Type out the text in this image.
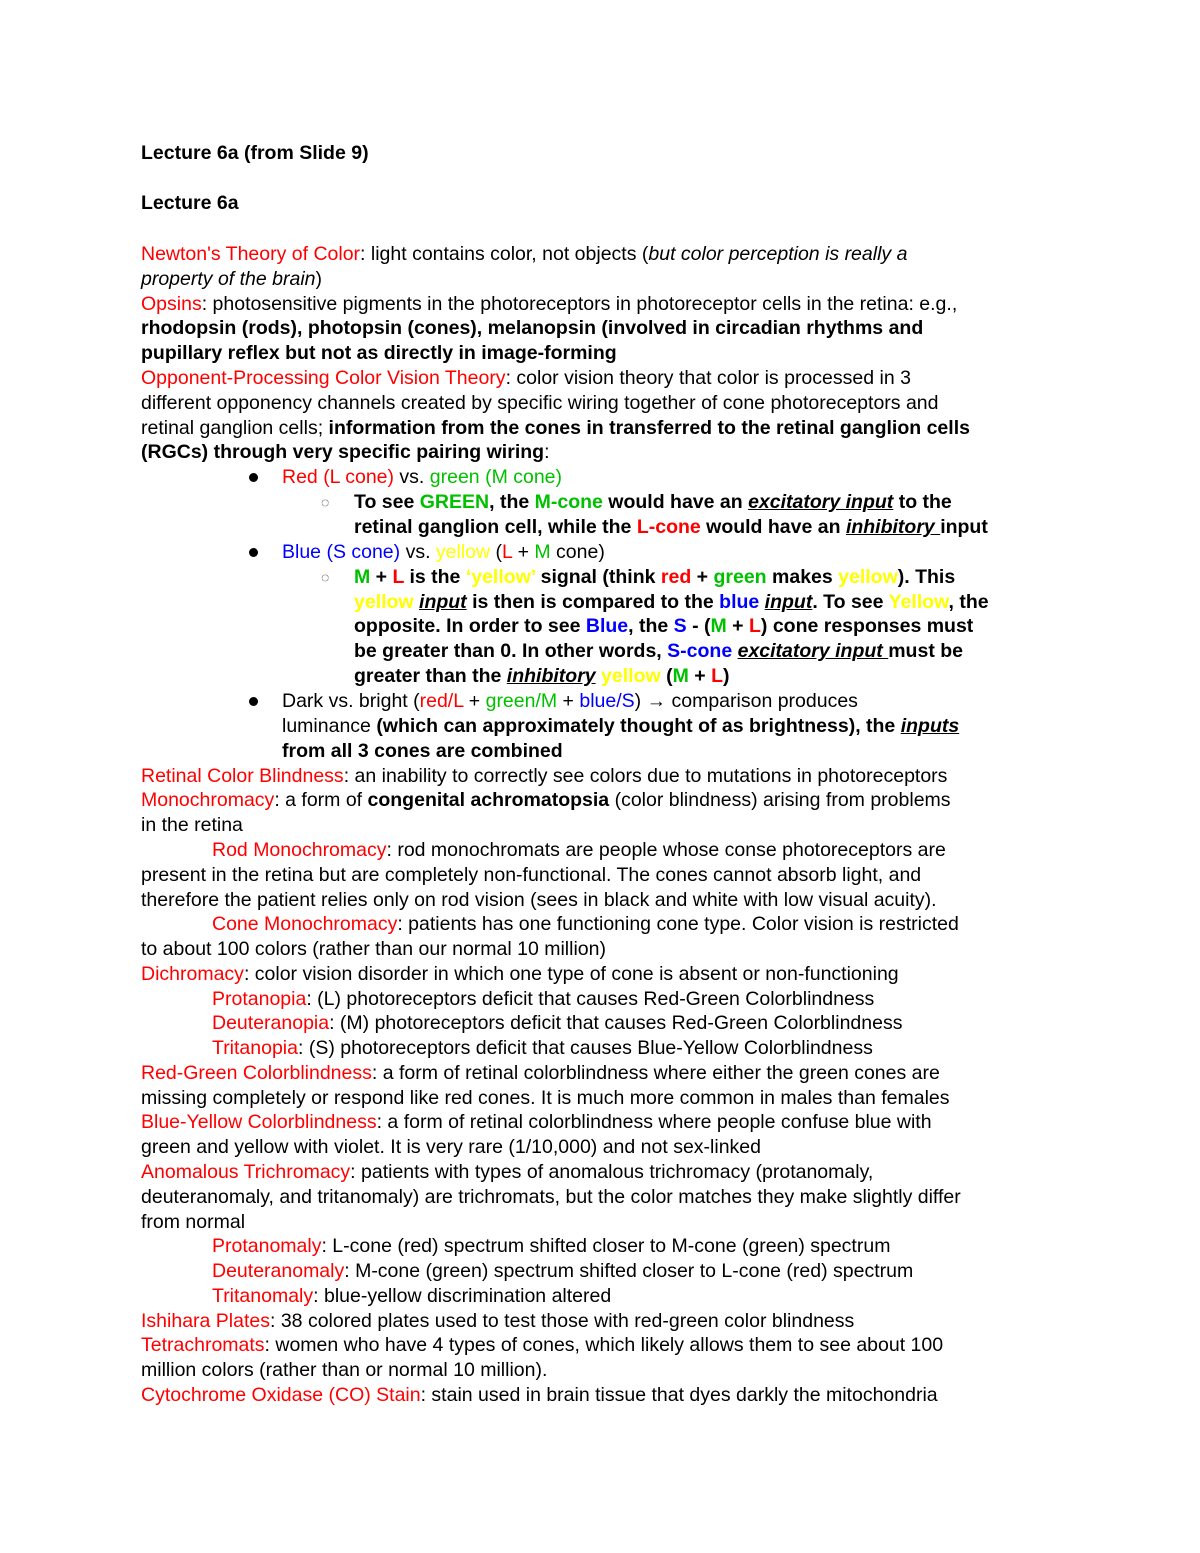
Lecture 6a (from Slide 9)
Lecture 6a
Newton's Theory of Color: light contains color, not objects (but color perception is really a
property of the brain)
Opsins: photosensitive pigments in the photoreceptors in photoreceptor cells in the retina: e.g.,
rhodopsin (rods), photopsin (cones), melanopsin (involved in circadian rhythms and
pupillary reflex but not as directly in image-forming
Opponent-Processing Color Vision Theory: color vision theory that color is processed in 3
different opponency channels created by specific wiring together of cone photoreceptors and
retinal ganglion cells; information from the cones in transferred to the retinal ganglion cells
(RGCs) through very specific pairing wiring:
Red (L cone) vs. green (M cone)
◌ To see GREEN, the M-cone would have an excitatory input to the
retinal ganglion cell, while the L-cone would have an inhibitory input
Blue (S cone) vs. yellow (L + M cone)
◌ M + L is the ‘yellow’ signal (think red + green makes yellow). This
yellow input is then is compared to the blue input. To see Yellow, the
opposite. In order to see Blue, the S - (M + L) cone responses must
be greater than 0. In other words, S-cone excitatory input must be
greater than the inhibitory yellow (M + L)
Dark vs. bright (red/L + green/M + blue/S) → comparison produces
luminance (which can approximately thought of as brightness), the inputs
from all 3 cones are combined
Retinal Color Blindness: an inability to correctly see colors due to mutations in photoreceptors
Monochromacy: a form of congenital achromatopsia (color blindness) arising from problems
in the retina
Rod Monochromacy: rod monochromats are people whose conse photoreceptors are
present in the retina but are completely non-functional. The cones cannot absorb light, and
therefore the patient relies only on rod vision (sees in black and white with low visual acuity).
Cone Monochromacy: patients has one functioning cone type. Color vision is restricted
to about 100 colors (rather than our normal 10 million)
Dichromacy: color vision disorder in which one type of cone is absent or non-functioning
Protanopia: (L) photoreceptors deficit that causes Red-Green Colorblindness
Deuteranopia: (M) photoreceptors deficit that causes Red-Green Colorblindness
Tritanopia: (S) photoreceptors deficit that causes Blue-Yellow Colorblindness
Red-Green Colorblindness: a form of retinal colorblindness where either the green cones are
missing completely or respond like red cones. It is much more common in males than females
Blue-Yellow Colorblindness: a form of retinal colorblindness where people confuse blue with
green and yellow with violet. It is very rare (1/10,000) and not sex-linked
Anomalous Trichromacy: patients with types of anomalous trichromacy (protanomaly,
deuteranomaly, and tritanomaly) are trichromats, but the color matches they make slightly differ
from normal
Protanomaly: L-cone (red) spectrum shifted closer to M-cone (green) spectrum
Deuteranomaly: M-cone (green) spectrum shifted closer to L-cone (red) spectrum
Tritanomaly: blue-yellow discrimination altered
Ishihara Plates: 38 colored plates used to test those with red-green color blindness
Tetrachromats: women who have 4 types of cones, which likely allows them to see about 100
million colors (rather than or normal 10 million).
Cytochrome Oxidase (CO) Stain: stain used in brain tissue that dyes darkly the mitochondria
